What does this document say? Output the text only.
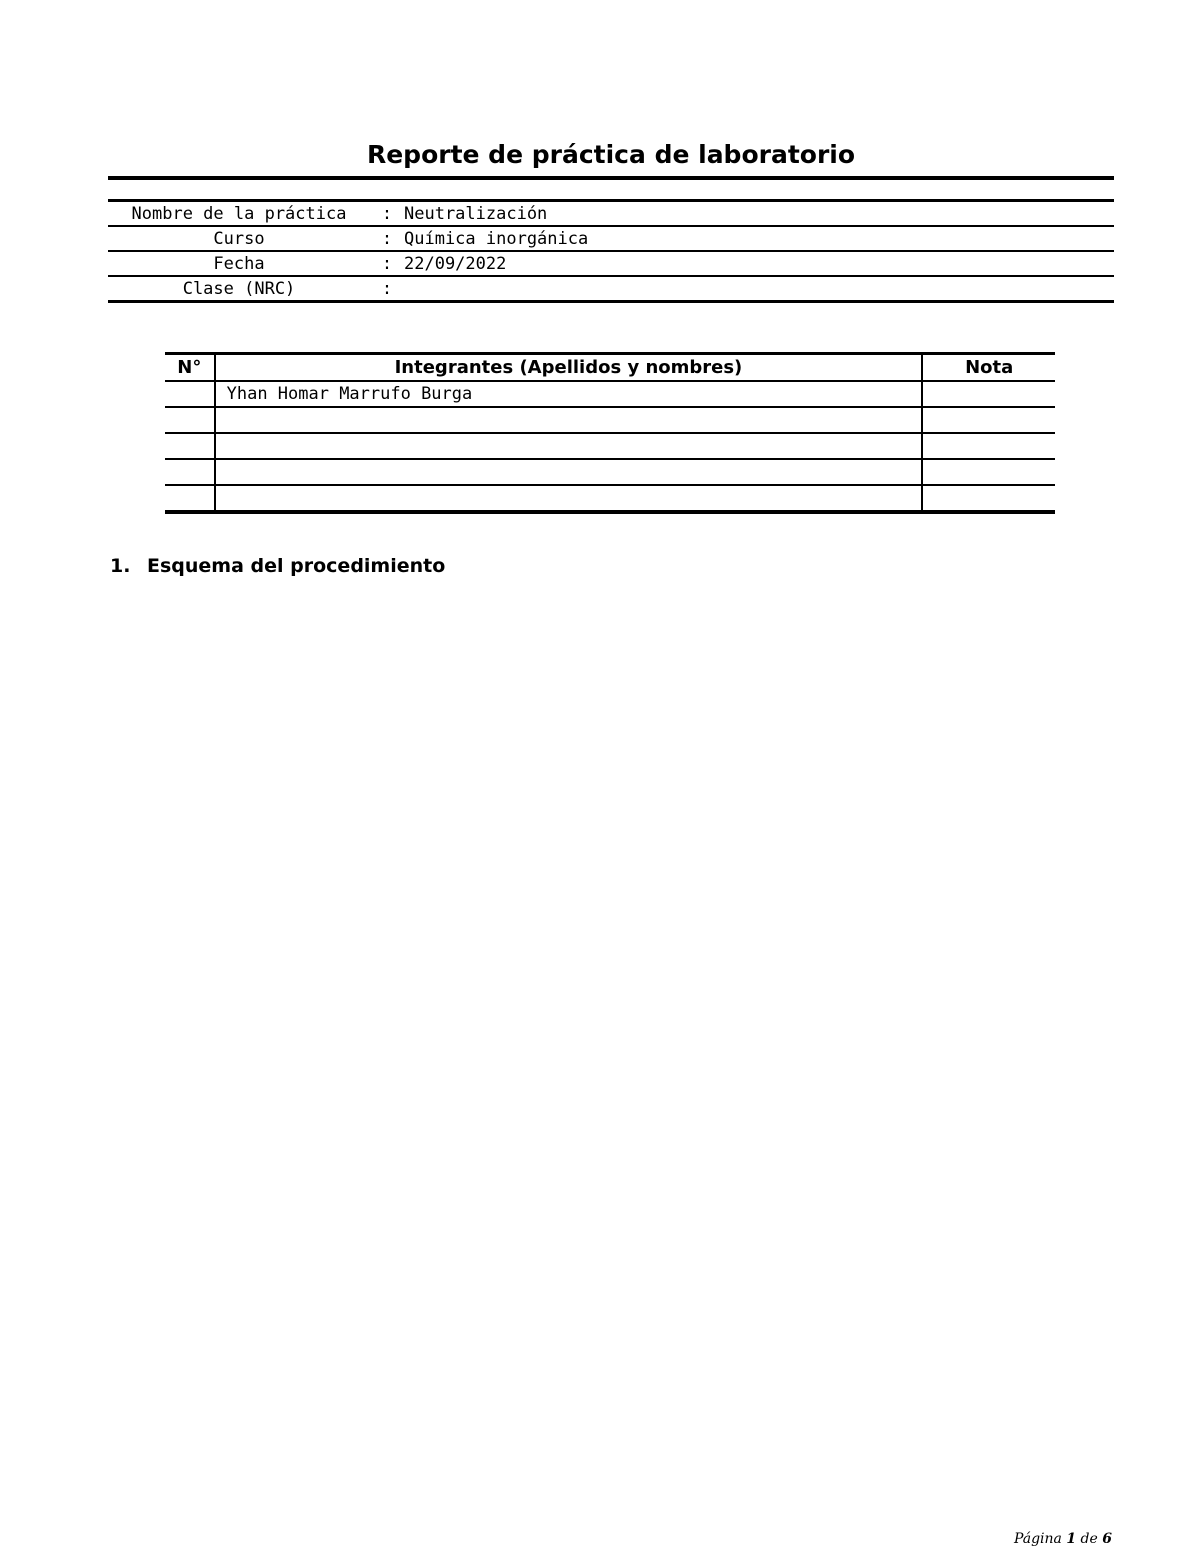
Reporte de práctica de laboratorio
Nombre de la práctica	:	Neutralización
Curso	:	Química inorgánica
Fecha	:	22/09/2022
Clase (NRC)	:	
N°	Integrantes (Apellidos y nombres)	Nota
	Yhan Homar Marrufo Burga	

1. Esquema del procedimiento
Página 1 de 6
